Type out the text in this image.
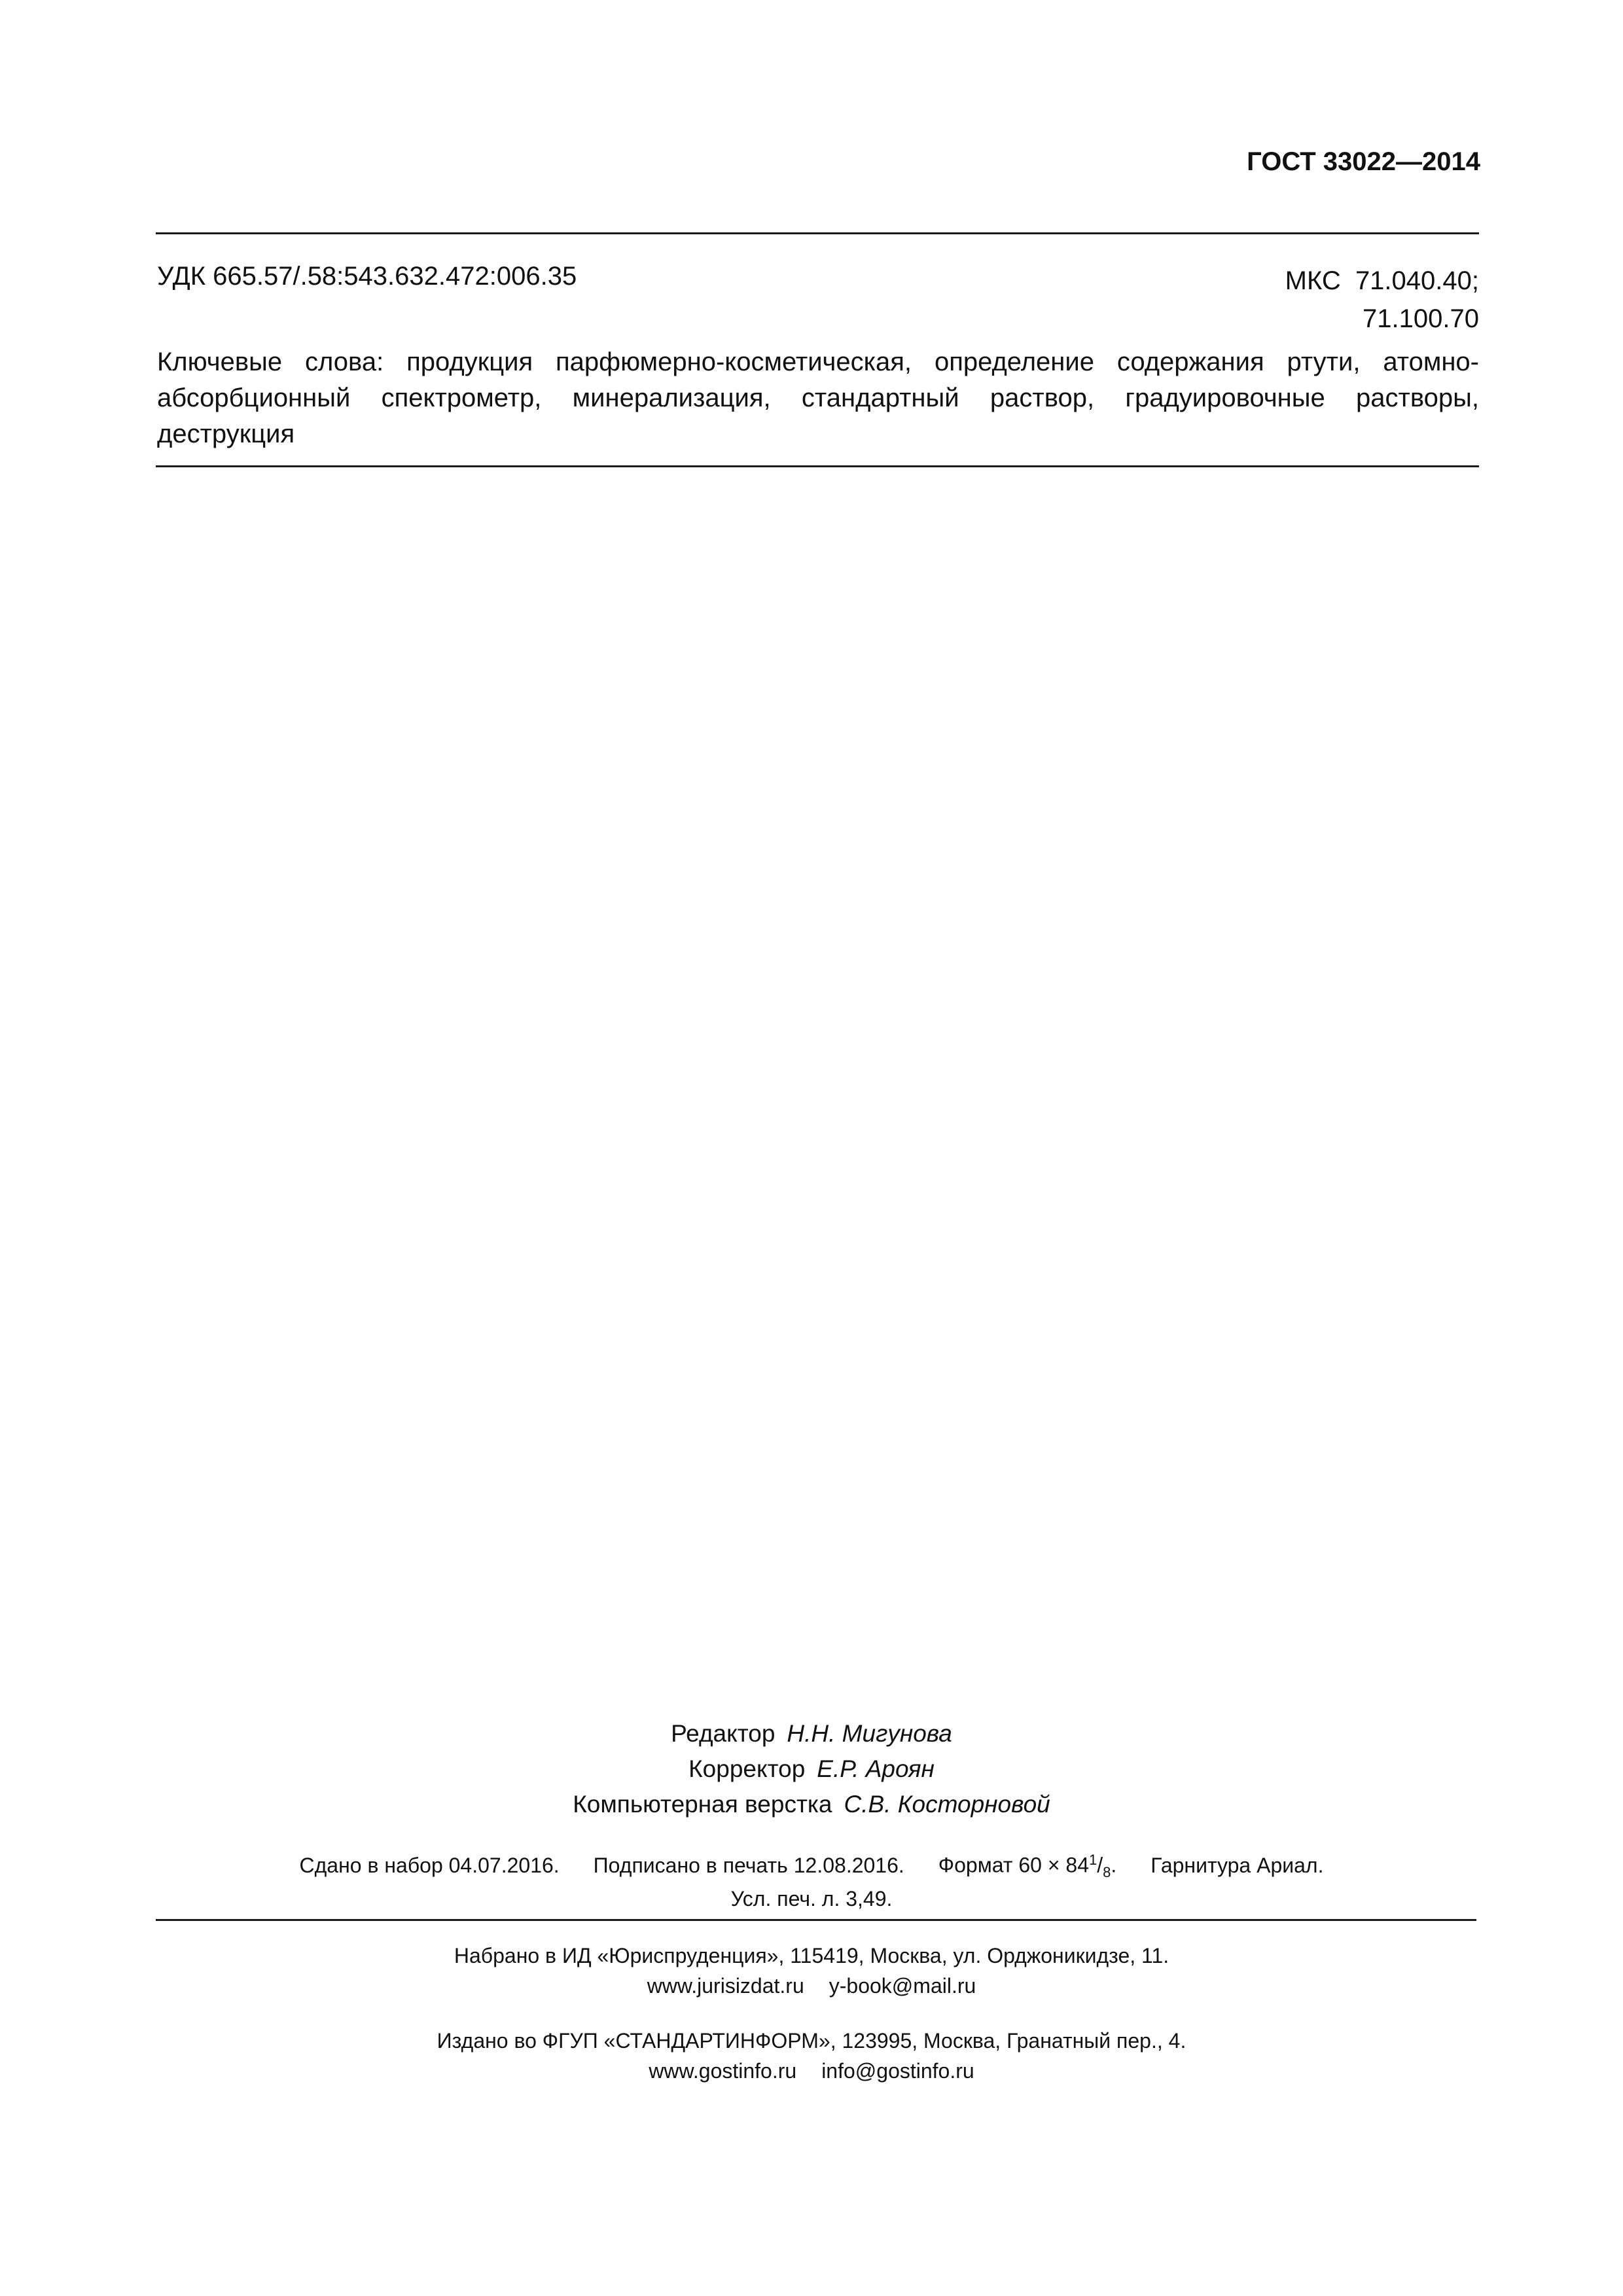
ГОСТ 33022—2014
УДК 665.57/.58:543.632.472:006.35	МКС 71.040.40;
71.100.70
Ключевые слова: продукция парфюмерно-косметическая, определение содержания ртути, атомно-абсорбционный спектрометр, минерализация, стандартный раствор, градуировочные растворы, деструкция
Редактор Н.Н. Мигунова
Корректор Е.Р. Ароян
Компьютерная верстка С.В. Косторновой
Сдано в набор 04.07.2016. Подписано в печать 12.08.2016. Формат $60 \times 84^1/_8$. Гарнитура Ариал.
Усл. печ. л. 3,49.
Набрано в ИД «Юриспруденция», 115419, Москва, ул. Орджоникидзе, 11.
www.jurisizdat.ru y-book@mail.ru
Издано во ФГУП «СТАНДАРТИНФОРМ», 123995, Москва, Гранатный пер., 4.
www.gostinfo.ru info@gostinfo.ru
